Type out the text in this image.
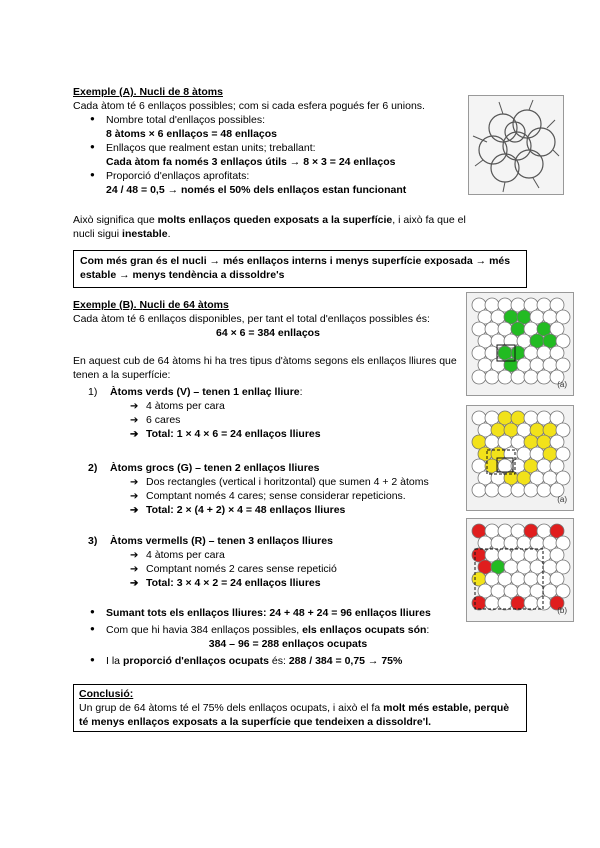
Exemple (A). Nucli de 8 àtoms
Cada àtom té 6 enllaços possibles; com si cada esfera pogués fer 6 unions.
● Nombre total d'enllaços possibles:
8 àtoms × 6 enllaços = 48 enllaços
● Enllaços que realment estan units; treballant:
Cada àtom fa només 3 enllaços útils → 8 × 3 = 24 enllaços
● Proporció d'enllaços aprofitats:
24 / 48 = 0,5 → només el 50% dels enllaços estan funcionant
Això significa que molts enllaços queden exposats a la superfície, i això fa que el nucli sigui inestable.
Com més gran és el nucli → més enllaços interns i menys superfície exposada → més estable → menys tendència a dissoldre's
Exemple (B). Nucli de 64 àtoms
Cada àtom té 6 enllaços disponibles, per tant el total d'enllaços possibles és:
64 × 6 = 384 enllaços
En aquest cub de 64 àtoms hi ha tres tipus d'àtoms segons els enllaços lliures que tenen a la superfície:
1) Àtoms verds (V) – tenen 1 enllaç lliure:
➔ 4 àtoms per cara
➔ 6 cares
➔ Total: 1 × 4 × 6 = 24 enllaços lliures
2) Àtoms grocs (G) – tenen 2 enllaços lliures
➔ Dos rectangles (vertical i horitzontal) que sumen 4 + 2 àtoms
➔ Comptant només 4 cares; sense considerar repeticions.
➔ Total: 2 × (4 + 2) × 4 = 48 enllaços lliures
3) Àtoms vermells (R) – tenen 3 enllaços lliures
➔ 4 àtoms per cara
➔ Comptant només 2 cares sense repetició
➔ Total: 3 × 4 × 2 = 24 enllaços lliures
● Sumant tots els enllaços lliures: 24 + 48 + 24 = 96 enllaços lliures
● Com que hi havia 384 enllaços possibles, els enllaços ocupats són:
384 – 96 = 288 enllaços ocupats
● I la proporció d'enllaços ocupats és: 288 / 384 = 0,75 → 75%
Conclusió:
Un grup de 64 àtoms té el 75% dels enllaços ocupats, i això el fa molt més estable, perquè té menys enllaços exposats a la superfície que tendeixen a dissoldre'l.
(a)
(a)
(b)
